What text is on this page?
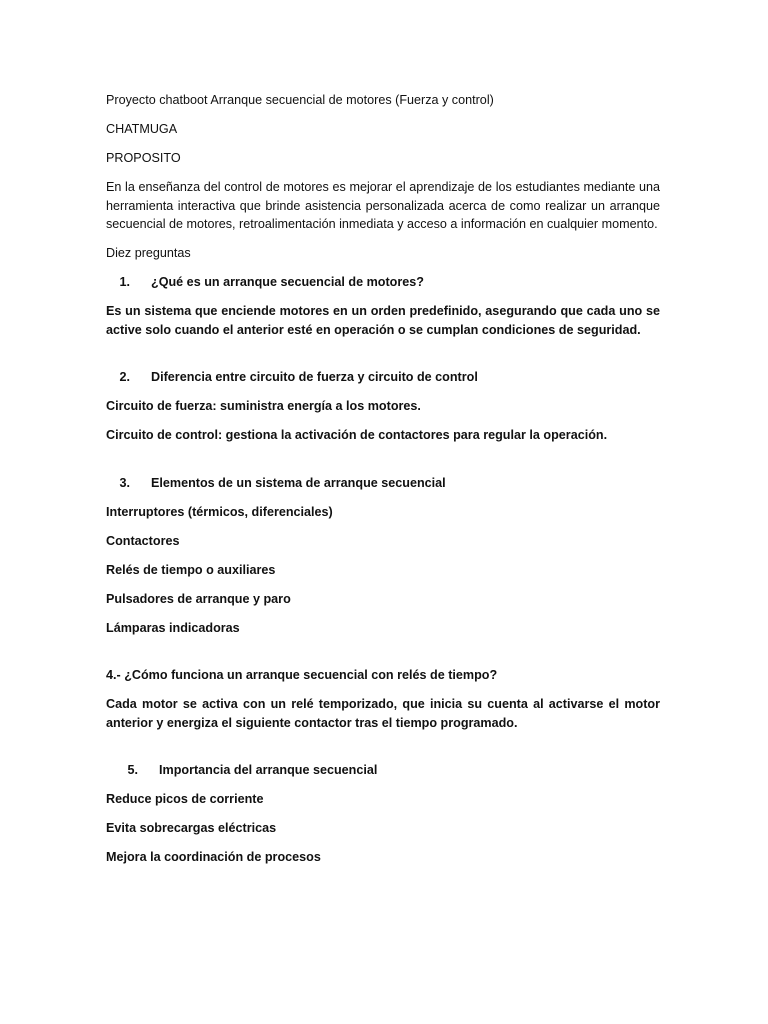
Proyecto chatboot Arranque secuencial de motores (Fuerza y control)

CHATMUGA

PROPOSITO

En la enseñanza del control de motores es mejorar el aprendizaje de los estudiantes mediante una herramienta interactiva que brinde asistencia personalizada acerca de como realizar un arranque secuencial de motores, retroalimentación inmediata y acceso a información en cualquier momento.

Diez preguntas

1.	¿Qué es un arranque secuencial de motores?

Es un sistema que enciende motores en un orden predefinido, asegurando que cada uno se active solo cuando el anterior esté en operación o se cumplan condiciones de seguridad.

2.	Diferencia entre circuito de fuerza y circuito de control

Circuito de fuerza: suministra energía a los motores.

Circuito de control: gestiona la activación de contactores para regular la operación.

3.	Elementos de un sistema de arranque secuencial

Interruptores (térmicos, diferenciales)

Contactores

Relés de tiempo o auxiliares

Pulsadores de arranque y paro

Lámparas indicadoras

4.- ¿Cómo funciona un arranque secuencial con relés de tiempo?

Cada motor se activa con un relé temporizado, que inicia su cuenta al activarse el motor anterior y energiza el siguiente contactor tras el tiempo programado.

5.	Importancia del arranque secuencial

Reduce picos de corriente

Evita sobrecargas eléctricas

Mejora la coordinación de procesos
